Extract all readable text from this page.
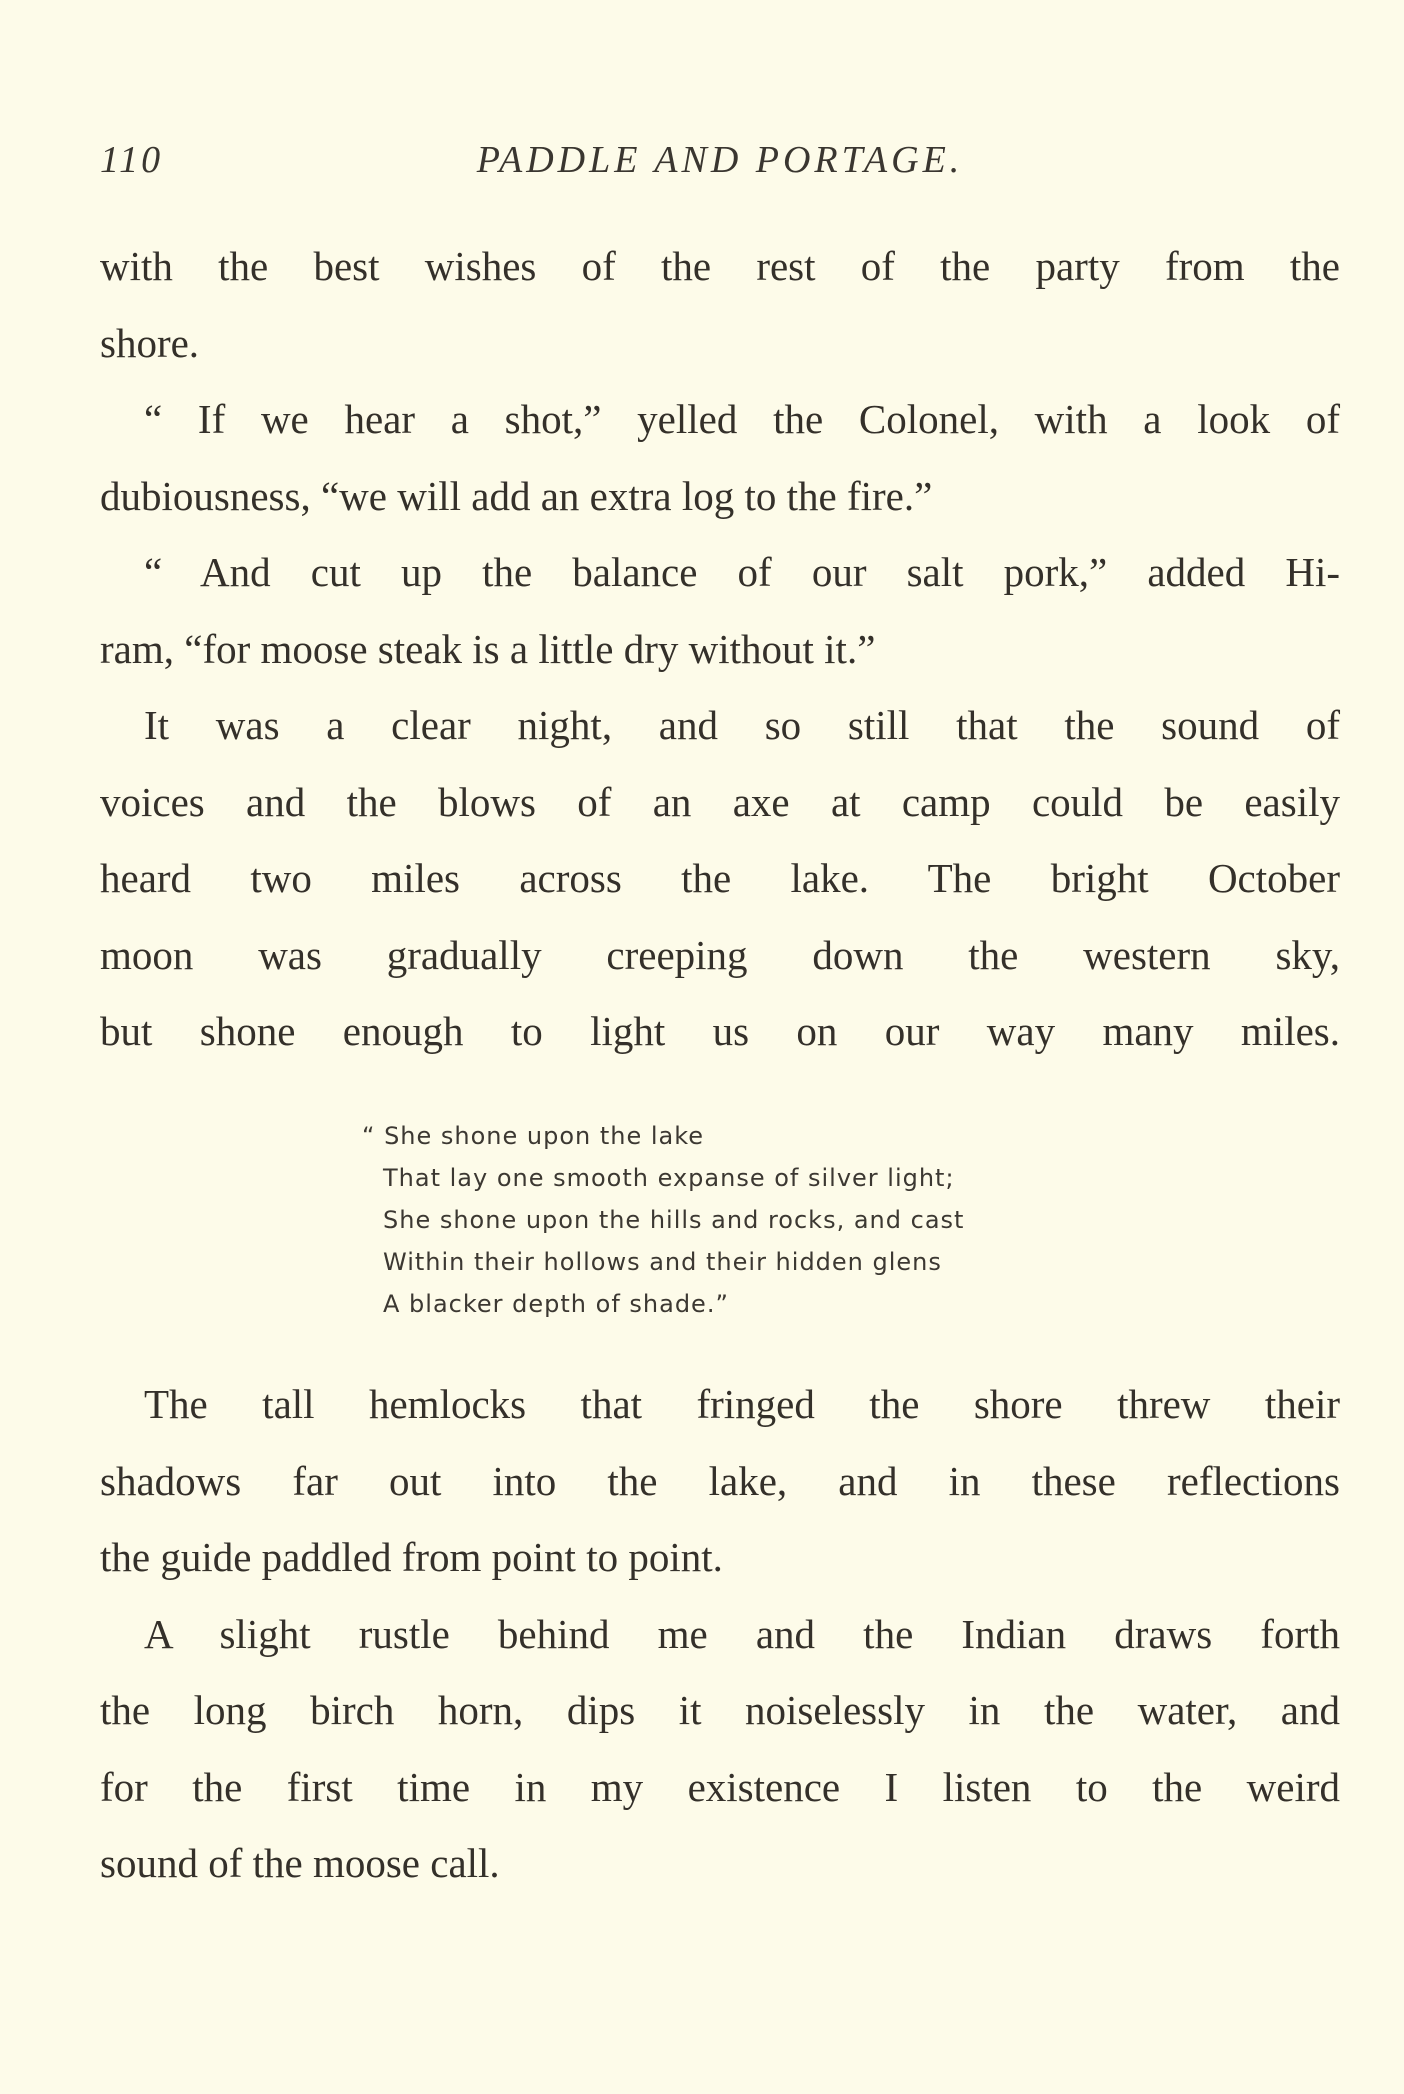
110	PADDLE AND PORTAGE.
with the best wishes of the rest of the party from the
shore.
“ If we hear a shot,” yelled the Colonel, with a look of
dubiousness, “we will add an extra log to the fire.”
“ And cut up the balance of our salt pork,” added Hi-
ram, “for moose steak is a little dry without it.”
It was a clear night, and so still that the sound of
voices and the blows of an axe at camp could be easily
heard two miles across the lake. The bright October
moon was gradually creeping down the western sky,
but shone enough to light us on our way many miles.
“ She shone upon the lake
That lay one smooth expanse of silver light;
She shone upon the hills and rocks, and cast
Within their hollows and their hidden glens
A blacker depth of shade.”
The tall hemlocks that fringed the shore threw their
shadows far out into the lake, and in these reflections
the guide paddled from point to point.
A slight rustle behind me and the Indian draws forth
the long birch horn, dips it noiselessly in the water, and
for the first time in my existence I listen to the weird
sound of the moose call.
